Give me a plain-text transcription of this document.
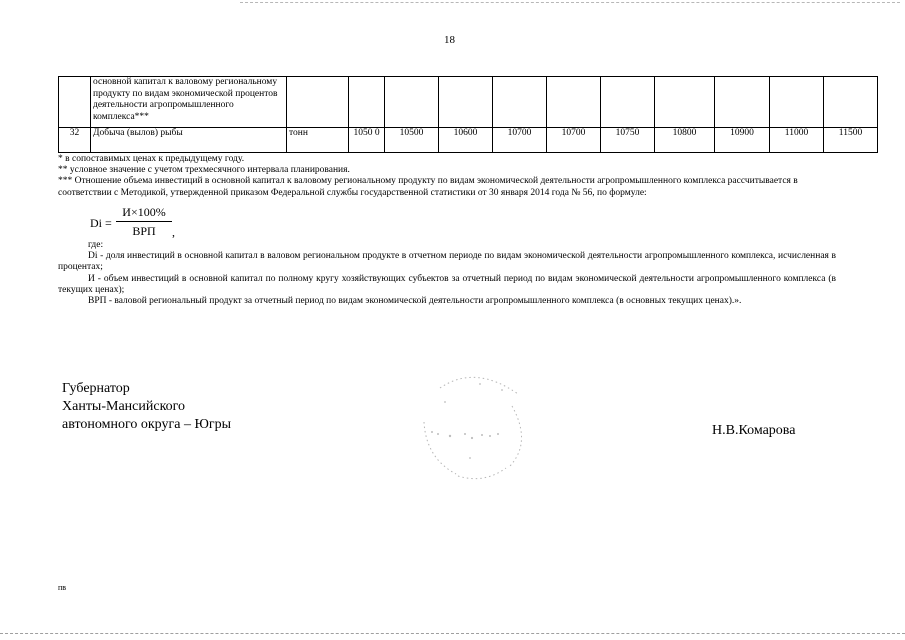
18
	основной капитал к валовому региональному продукту по видам экономической процентов деятельности агропромышленного комплекса***											
32	Добыча (вылов) рыбы	тонн	1050 0	10500	10600	10700	10700	10750	10800	10900	11000	11500

* в сопоставимых ценах к предыдущему году.

** условное значение с учетом трехмесячного интервала планирования.

*** Отношение объема инвестиций в основной капитал к валовому региональному продукту по видам экономической деятельности агропромышленного комплекса рассчитывается в соответствии с Методикой, утвержденной приказом Федеральной службы государственной статистики от 30 января 2014 года № 56, по формуле:

Di =
И×100%
ВРП	,

где:

Di - доля инвестиций в основной капитал в валовом региональном продукте в отчетном периоде по видам экономической деятельности агропромышленного комплекса, исчисленная в процентах;

И - объем инвестиций в основной капитал по полному кругу хозяйствующих субъектов за отчетный период по видам экономической деятельности агропромышленного комплекса (в текущих ценах);

ВРП - валовой региональный продукт за отчетный период по видам экономической деятельности агропромышленного комплекса (в основных текущих ценах).».

Губернатор
Ханты-Мансийского
автономного округа – Югры	Н.В.Комарова
пв
